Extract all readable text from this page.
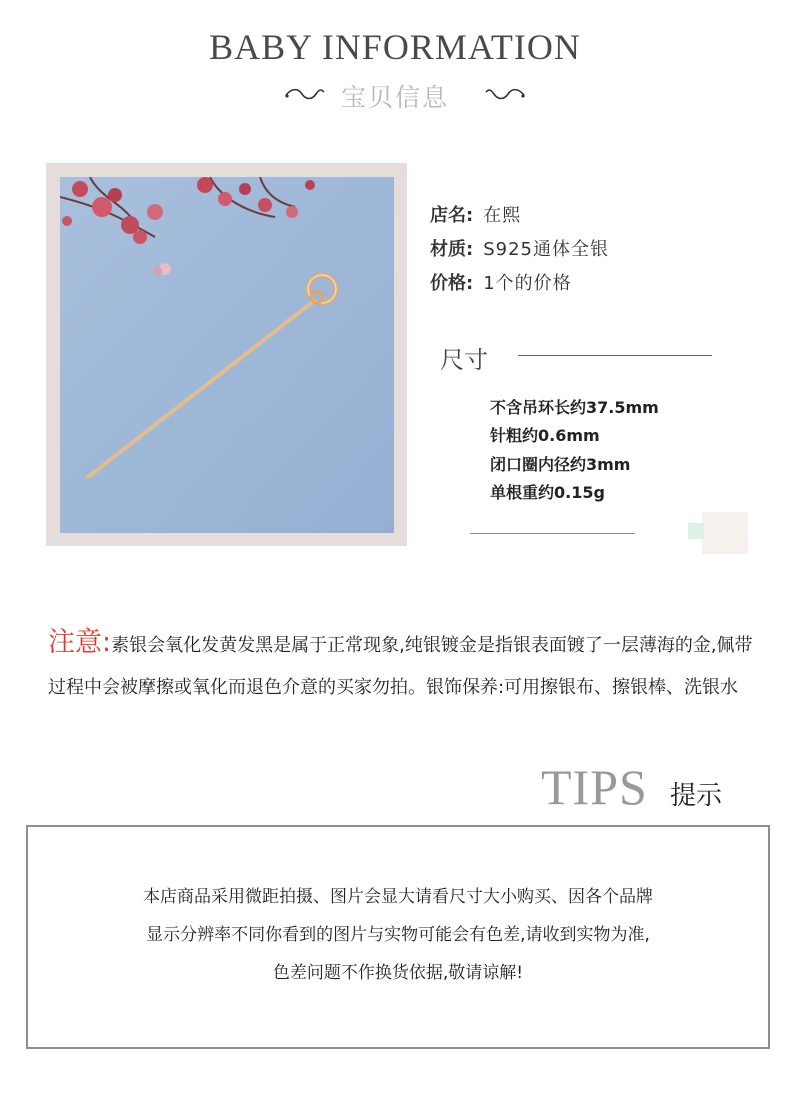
BABY INFORMATION
宝贝信息
店名: 在熙
材质: S925通体全银
价格: 1个的价格
尺寸
不含吊环长约37.5mm
针粗约0.6mm
闭口圈内径约3mm
单根重约0.15g
注意:素银会氧化发黄发黑是属于正常现象,纯银镀金是指银表面镀了一层薄海的金,佩带过程中会被摩擦或氧化而退色介意的买家勿拍。银饰保养:可用擦银布、擦银棒、洗银水
TIPS 提示
本店商品采用微距拍摄、图片会显大请看尺寸大小购买、因各个品牌
显示分辨率不同你看到的图片与实物可能会有色差,请收到实物为准,
色差问题不作换货依据,敬请谅解!
